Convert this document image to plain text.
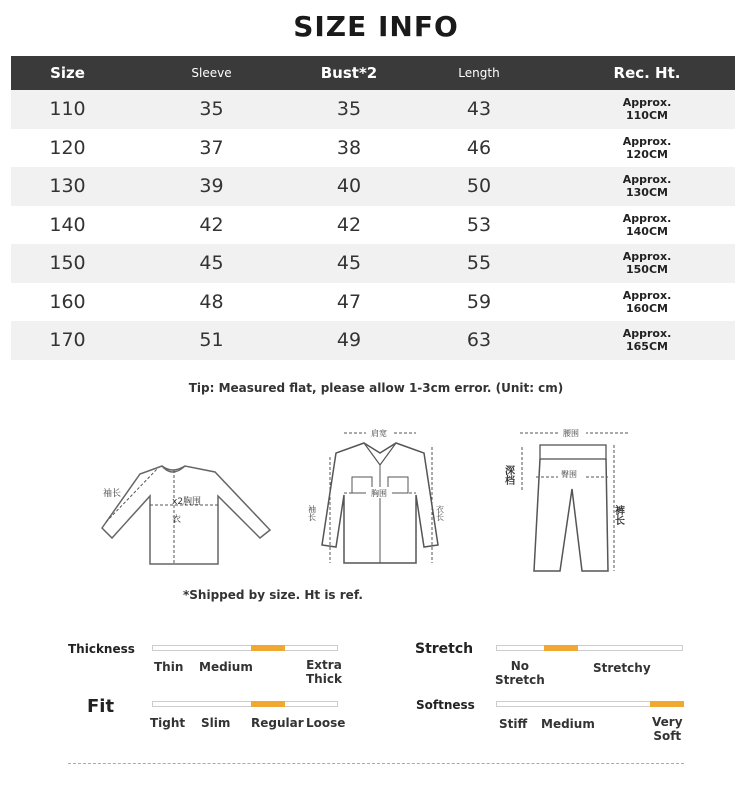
SIZE INFO
Size	Sleeve	Bust*2	Length	Rec. Ht.
110	35	35	43	Approx.
110CM
120	37	38	46	Approx.
120CM
130	39	40	50	Approx.
130CM
140	42	42	53	Approx.
140CM
150	45	45	55	Approx.
150CM
160	48	47	59	Approx.
160CM
170	51	49	63	Approx.
165CM
Tip: Measured flat, please allow 1-3cm error. (Unit: cm)
袖长
x2胸围
衣
肩宽
胸围
袖长	衣长
腰围
臀围
深档
裤长
*Shipped by size. Ht is ref.
Thickness
Thin Medium	Extra
Thick
Fit
Tight Slim Regular Loose
Stretch
No
Stretch
Stretchy
Softness
Stiff Medium	Very
Soft
